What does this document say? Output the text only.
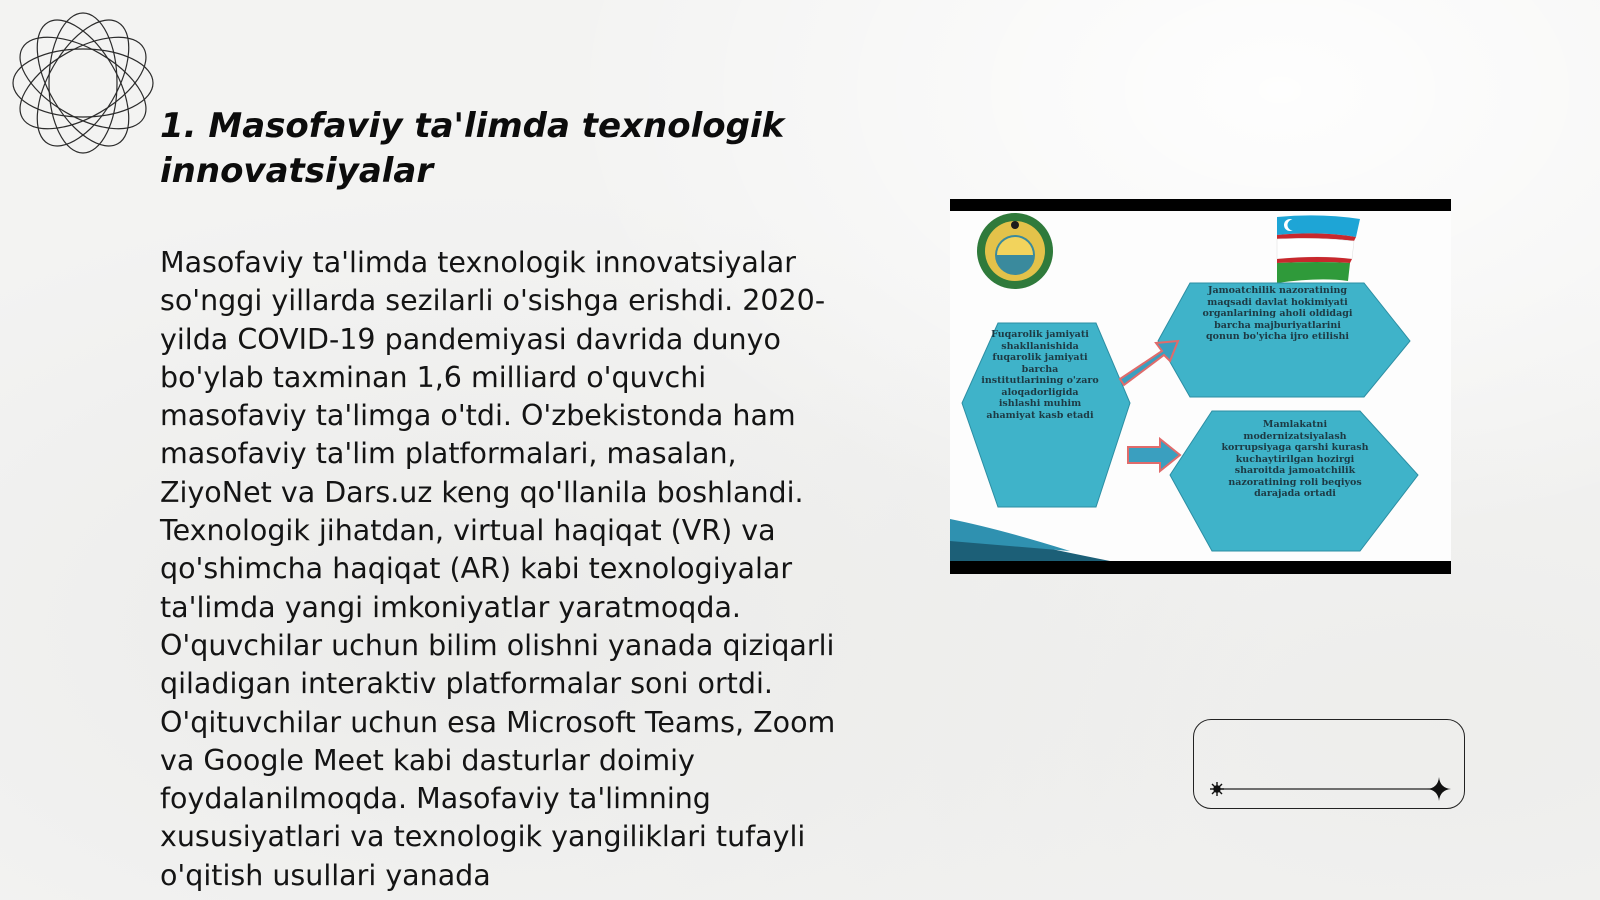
1. Masofaviy ta'limda texnologik innovatsiyalar

Masofaviy ta'limda texnologik innovatsiyalar so'nggi yillarda sezilarli o'sishga erishdi. 2020-yilda COVID-19 pandemiyasi davrida dunyo bo'ylab taxminan 1,6 milliard o'quvchi masofaviy ta'limga o'tdi. O'zbekistonda ham masofaviy ta'lim platformalari, masalan, ZiyoNet va Dars.uz keng qo'llanila boshlandi. Texnologik jihatdan, virtual haqiqat (VR) va qo'shimcha haqiqat (AR) kabi texnologiyalar ta'limda yangi imkoniyatlar yaratmoqda. O'quvchilar uchun bilim olishni yanada qiziqarli qiladigan interaktiv platformalar soni ortdi. O'qituvchilar uchun esa Microsoft Teams, Zoom va Google Meet kabi dasturlar doimiy foydalanilmoqda. Masofaviy ta'limning xususiyatlari va texnologik yangiliklari tufayli o'qitish usullari yanada

Fuqarolik jamiyati shakllanishida fuqarolik jamiyati barcha institutlarining o'zaro aloqadorligida ishlashi muhim ahamiyat kasb etadi
Jamoatchilik nazoratining maqsadi davlat hokimiyati organlarining aholi oldidagi barcha majburiyatlarini qonun bo'yicha ijro etilishi
Mamlakatni modernizatsiyalash korrupsiyaga qarshi kurash kuchaytirilgan hozirgi sharoitda jamoatchilik nazoratining roli beqiyos darajada ortadi
